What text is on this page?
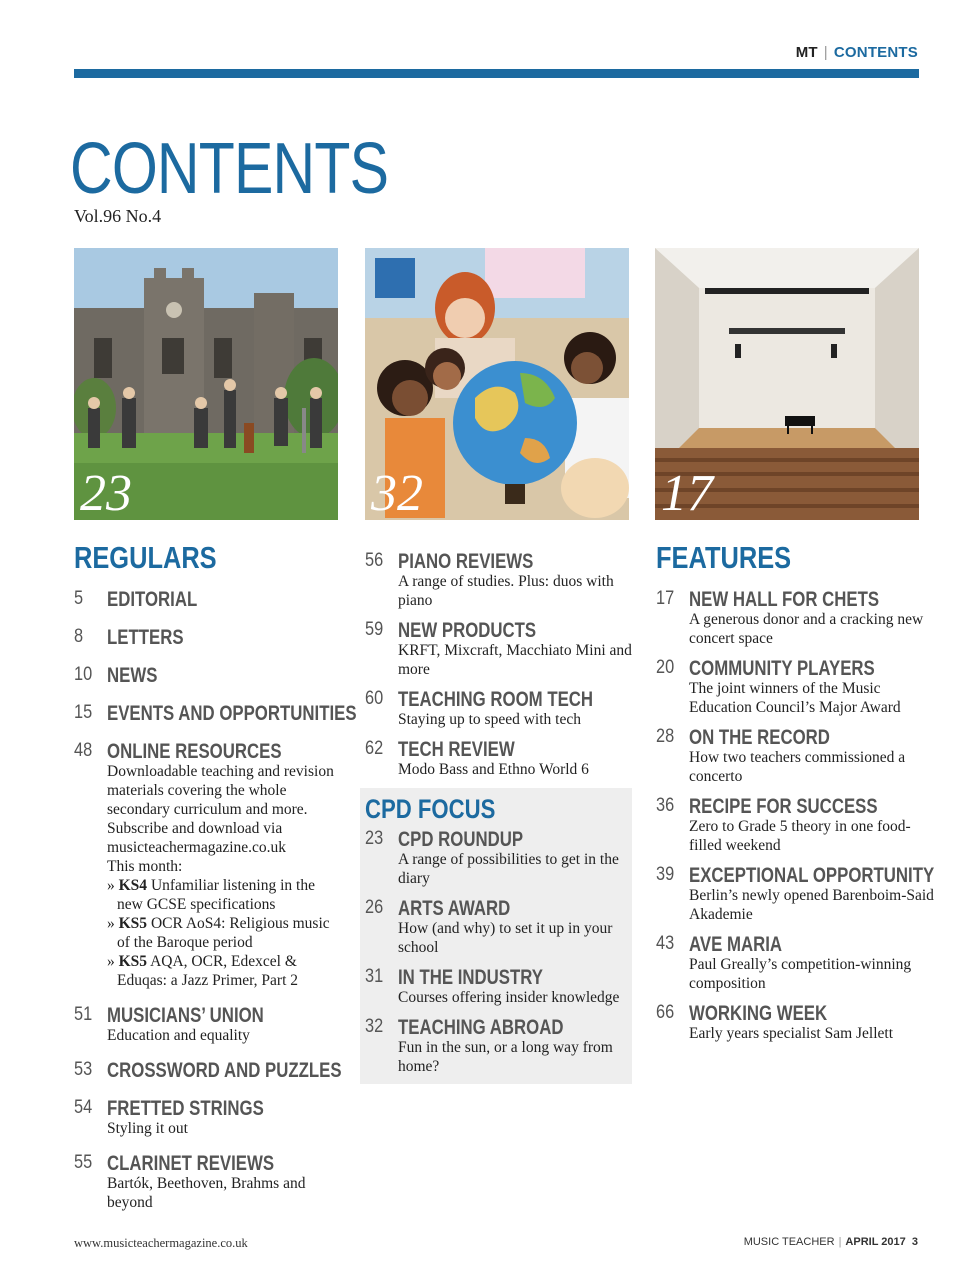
MT | CONTENTS
CONTENTS
Vol.96 No.4
23	32	17
REGULARS
5	EDITORIAL
8	LETTERS
10 NEWS
15 EVENTS AND OPPORTUNITIES
48 ONLINE RESOURCES
Downloadable teaching and revision materials covering the whole secondary curriculum and more. Subscribe and download via musicteachermagazine.co.uk
This month:
» KS4 Unfamiliar listening in the new GCSE specifications
» KS5 OCR AoS4: Religious music of the Baroque period
» KS5 AQA, OCR, Edexcel & Eduqas: a Jazz Primer, Part 2
51 MUSICIANS’ UNION
Education and equality
53 CROSSWORD AND PUZZLES
54 FRETTED STRINGS
Styling it out
55 CLARINET REVIEWS
Bartók, Beethoven, Brahms and beyond
56 PIANO REVIEWS
A range of studies. Plus: duos with piano
59 NEW PRODUCTS
KRFT, Mixcraft, Macchiato Mini and more
60 TEACHING ROOM TECH
Staying up to speed with tech
62 TECH REVIEW
Modo Bass and Ethno World 6
CPD FOCUS
23 CPD ROUNDUP
A range of possibilities to get in the diary
26 ARTS AWARD
How (and why) to set it up in your school
31 IN THE INDUSTRY
Courses offering insider knowledge
32 TEACHING ABROAD
Fun in the sun, or a long way from home?
FEATURES
17 NEW HALL FOR CHETS
A generous donor and a cracking new concert space
20 COMMUNITY PLAYERS
The joint winners of the Music Education Council’s Major Award
28 ON THE RECORD
How two teachers commissioned a concerto
36 RECIPE FOR SUCCESS
Zero to Grade 5 theory in one food-filled weekend
39 EXCEPTIONAL OPPORTUNITY
Berlin’s newly opened Barenboim-Said Akademie
43 AVE MARIA
Paul Greally’s competition-winning composition
66 WORKING WEEK
Early years specialist Sam Jellett
www.musicteachermagazine.co.uk	MUSIC TEACHER | APRIL 2017 3
